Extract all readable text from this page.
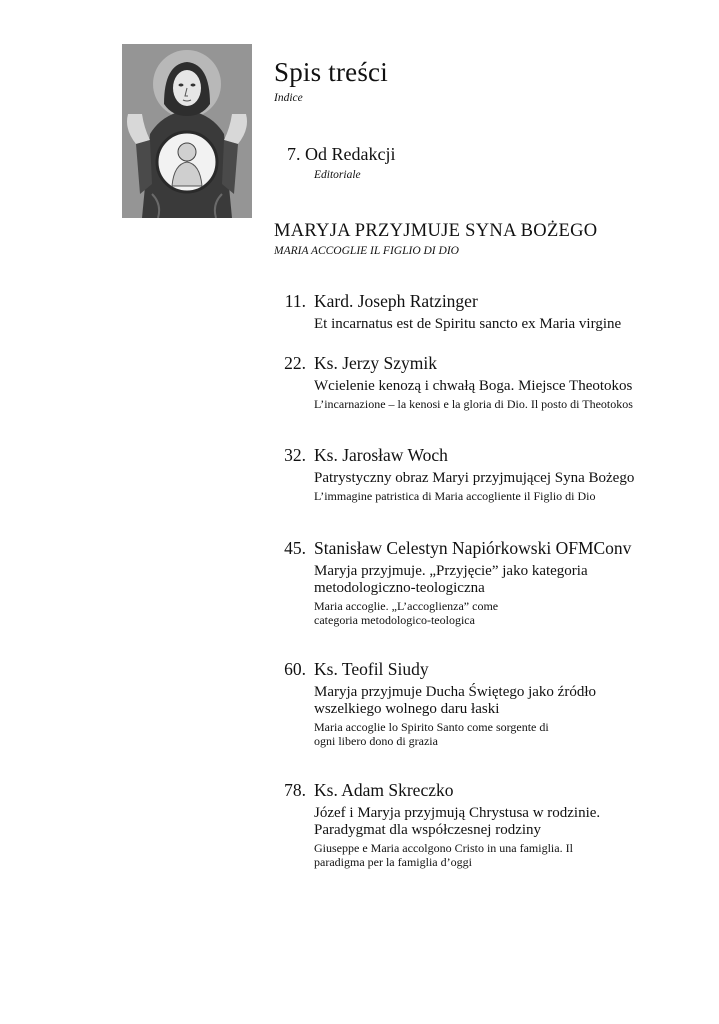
Spis treści
Indice
7. Od Redakcji
Editoriale
MARYJA PRZYJMUJE SYNA BOŻEGO
MARIA ACCOGLIE IL FIGLIO DI DIO
11. Kard. Joseph Ratzinger
Et incarnatus est de Spiritu sancto ex Maria virgine
22. Ks. Jerzy Szymik
Wcielenie kenozą i chwałą Boga. Miejsce Theotokos
L’incarnazione – la kenosi e la gloria di Dio. Il posto di Theotokos
32. Ks. Jarosław Woch
Patrystyczny obraz Maryi przyjmującej Syna Bożego
L’immagine patristica di Maria accogliente il Figlio di Dio
45. Stanisław Celestyn Napiórkowski OFMConv
Maryja przyjmuje. „Przyjęcie” jako kategoria metodologiczno-teologiczna
Maria accoglie. „L’accoglienza” come categoria metodologico-teologica
60. Ks. Teofil Siudy
Maryja przyjmuje Ducha Świętego jako źródło wszelkiego wolnego daru łaski
Maria accoglie lo Spirito Santo come sorgente di ogni libero dono di grazia
78. Ks. Adam Skreczko
Józef i Maryja przyjmują Chrystusa w rodzinie. Paradygmat dla współczesnej rodziny
Giuseppe e Maria accolgono Cristo in una famiglia. Il paradigma per la famiglia d’oggi
